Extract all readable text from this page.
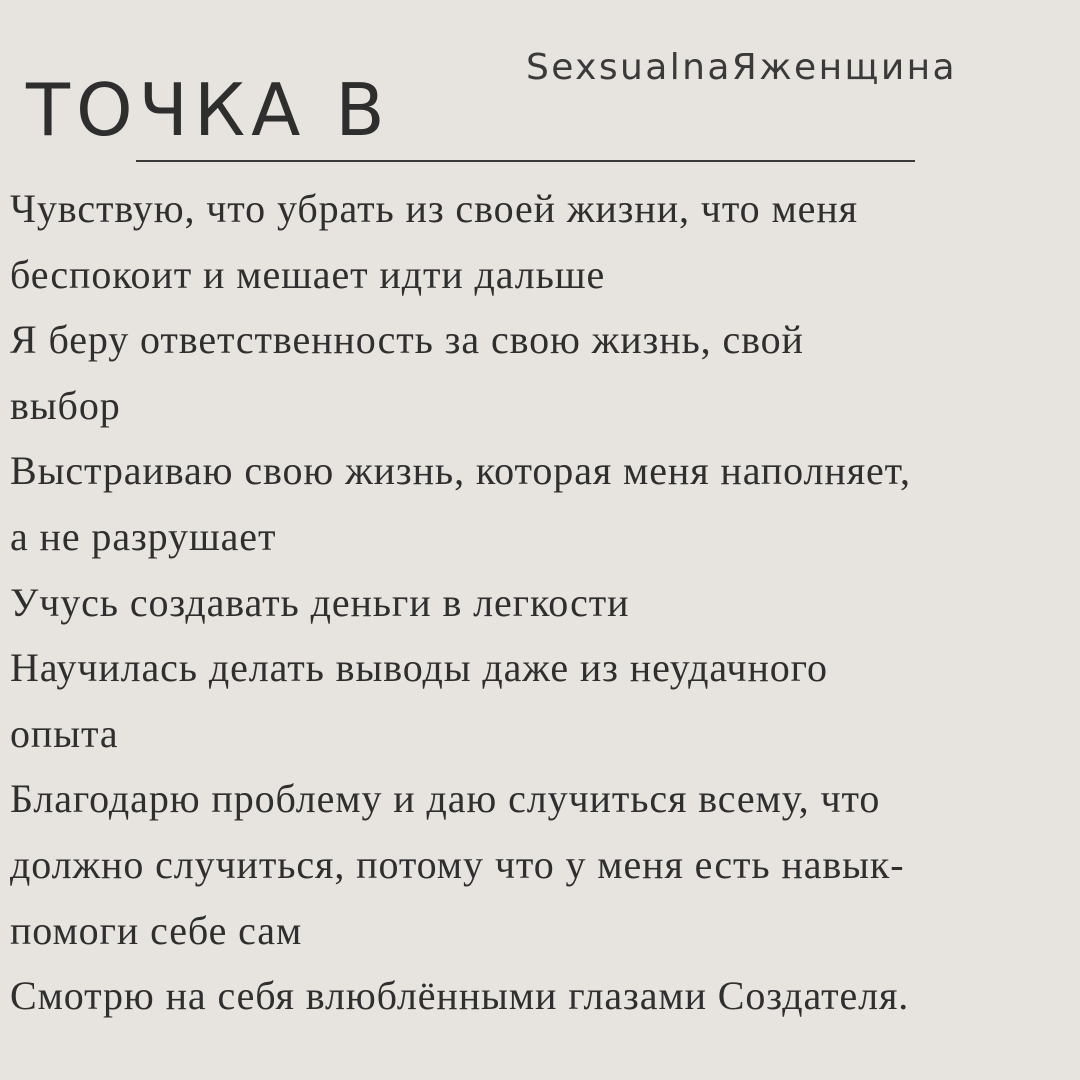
SexsualnaЯженщина
ТОЧКА В
Чувствую, что убрать из своей жизни, что меня
беспокоит и мешает идти дальше
Я беру ответственность за свою жизнь, свой
выбор
Выстраиваю свою жизнь, которая меня наполняет,
а не разрушает
Учусь создавать деньги в легкости
Научилась делать выводы даже из неудачного
опыта
Благодарю проблему и даю случиться всему, что
должно случиться, потому что у меня есть навык-
помоги себе сам
Смотрю на себя влюблёнными глазами Создателя.
